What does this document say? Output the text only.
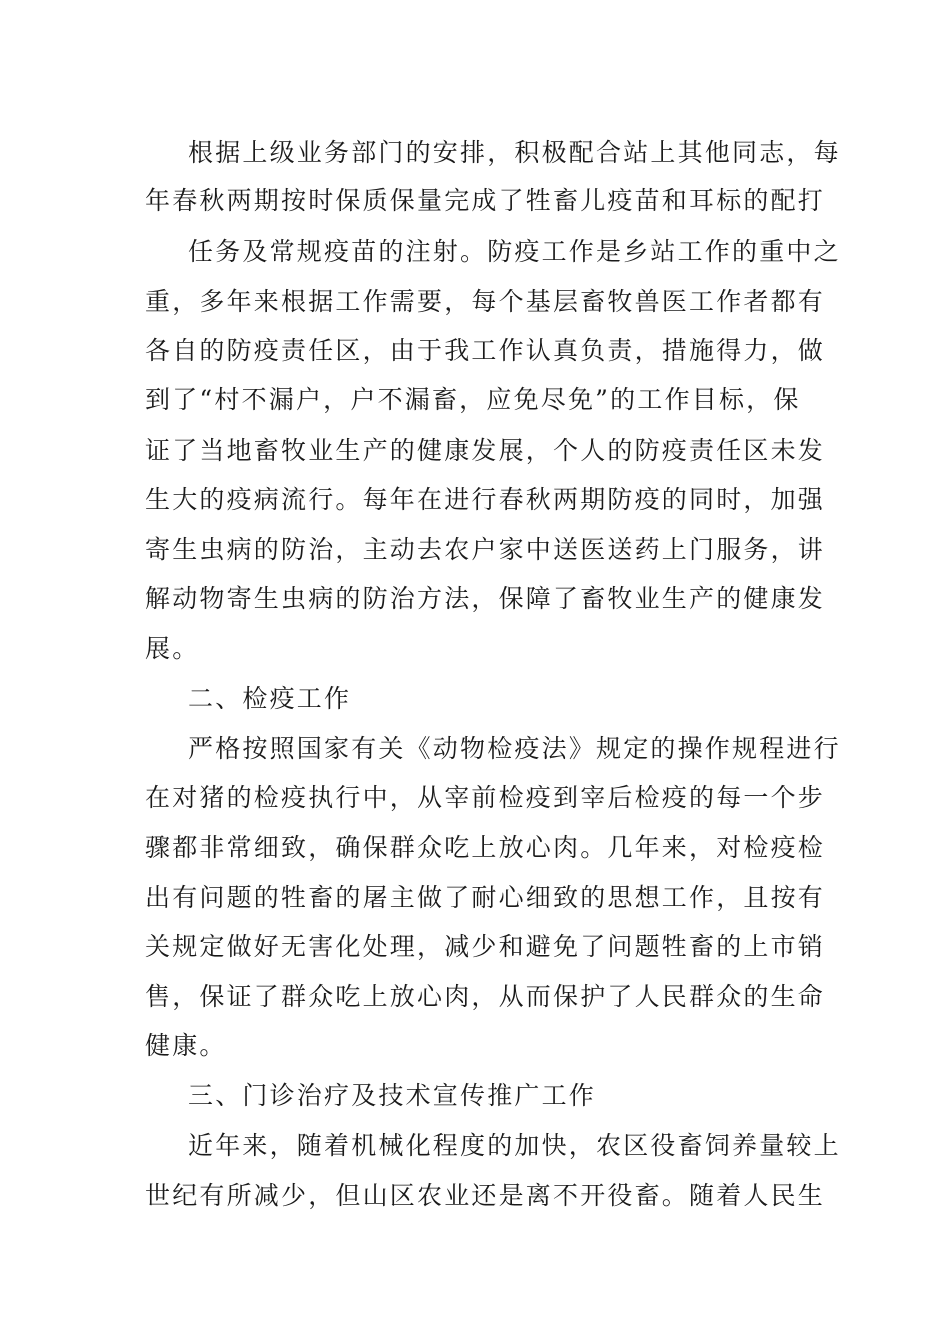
根据上级业务部门的安排，积极配合站上其他同志，每
年春秋两期按时保质保量完成了牲畜儿疫苗和耳标的配打
任务及常规疫苗的注射。防疫工作是乡站工作的重中之
重，多年来根据工作需要，每个基层畜牧兽医工作者都有
各自的防疫责任区，由于我工作认真负责，措施得力，做
到了“村不漏户，户不漏畜，应免尽免”的工作目标，保
证了当地畜牧业生产的健康发展，个人的防疫责任区未发
生大的疫病流行。每年在进行春秋两期防疫的同时，加强
寄生虫病的防治，主动去农户家中送医送药上门服务，讲
解动物寄生虫病的防治方法，保障了畜牧业生产的健康发
展。
二、检疫工作
严格按照国家有关《动物检疫法》规定的操作规程进行
在对猪的检疫执行中，从宰前检疫到宰后检疫的每一个步
骤都非常细致，确保群众吃上放心肉。几年来，对检疫检
出有问题的牲畜的屠主做了耐心细致的思想工作，且按有
关规定做好无害化处理，减少和避免了问题牲畜的上市销
售，保证了群众吃上放心肉，从而保护了人民群众的生命
健康。
三、门诊治疗及技术宣传推广工作
近年来，随着机械化程度的加快，农区役畜饲养量较上
世纪有所减少，但山区农业还是离不开役畜。随着人民生
